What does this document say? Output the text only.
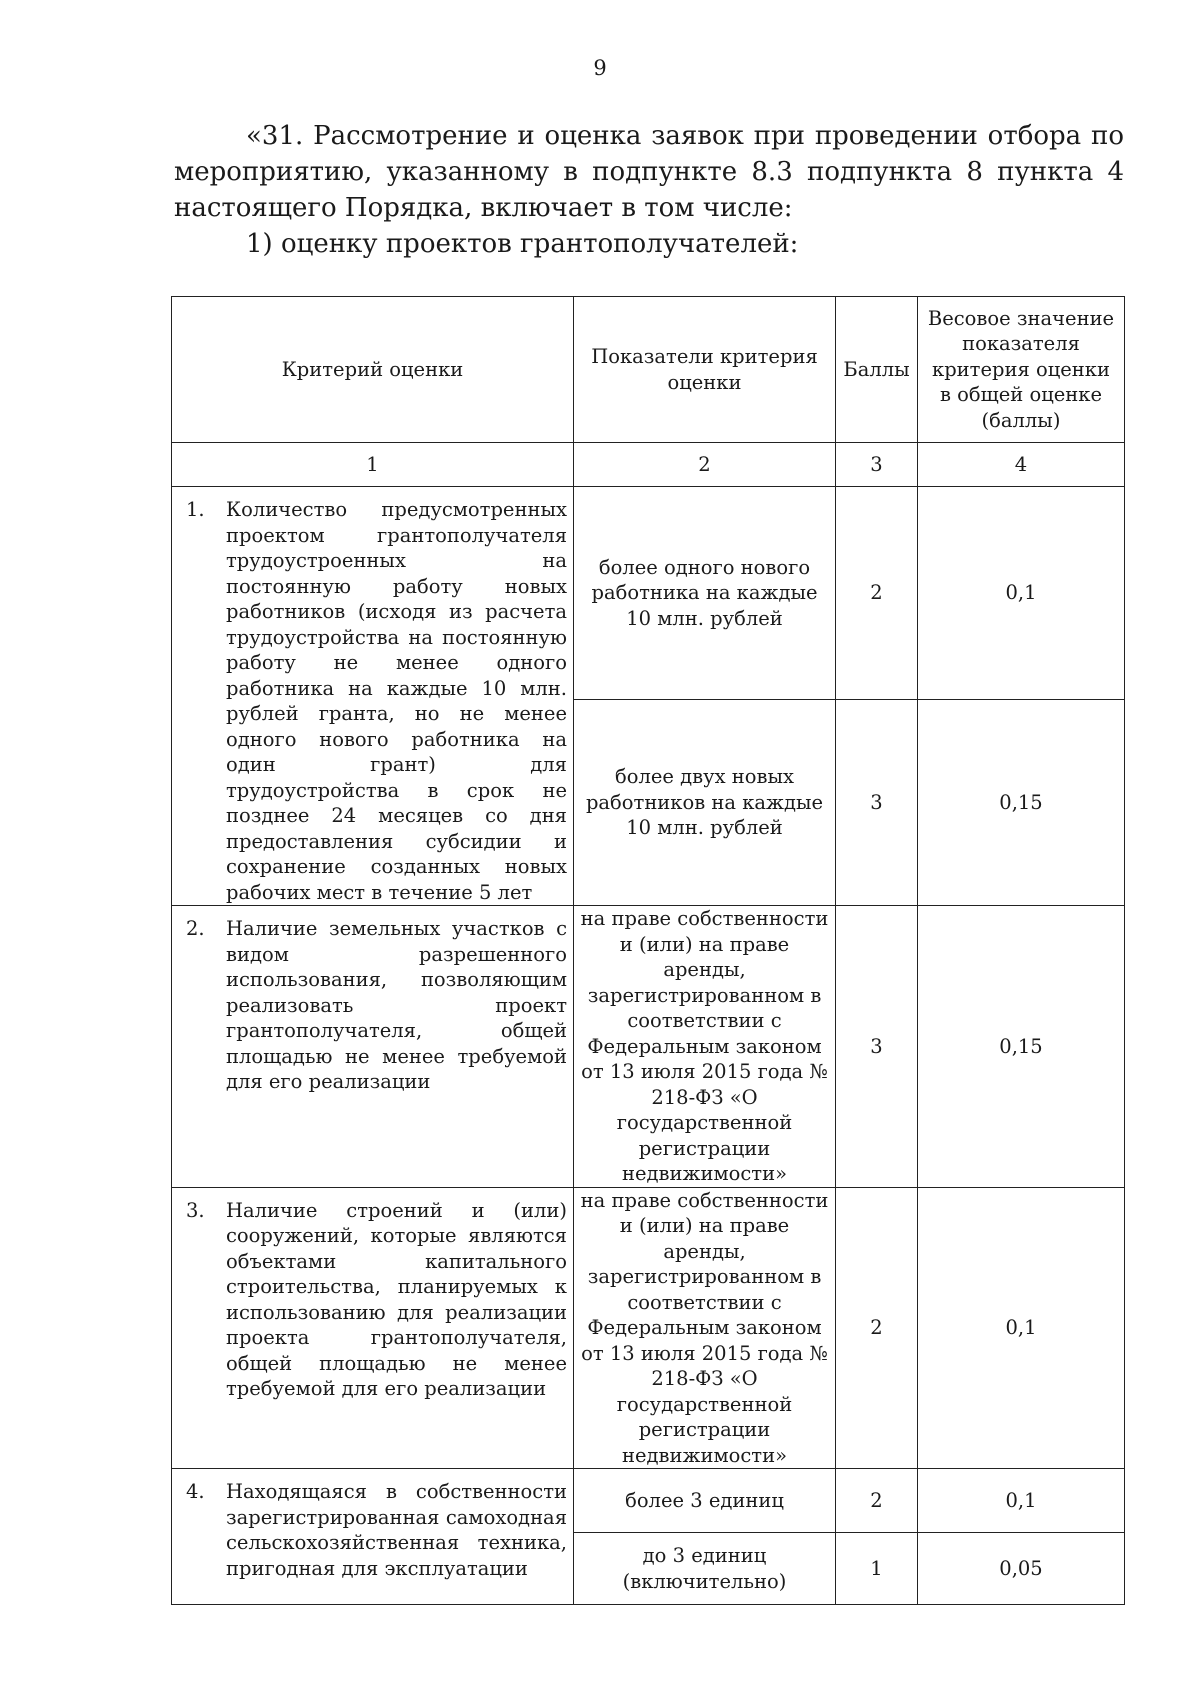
9
«31. Рассмотрение и оценка заявок при проведении отбора по мероприятию, указанному в подпункте 8.3 подпункта 8 пункта 4 настоящего Порядка, включает в том числе:
1) оценку проектов грантополучателей:
Критерий оценки	Показатели критерия оценки	Баллы	Весовое значение показателя критерия оценки в общей оценке (баллы)
1	2	3	4

1. Количество предусмотренных проектом грантополучателя трудоустроенных на постоянную работу новых работников (исходя из расчета трудоустройства на постоянную работу не менее одного работника на каждые 10 млн. рублей гранта, но не менее одного нового работника на один грант) для трудоустройства в срок не позднее 24 месяцев со дня предоставления субсидии и сохранение созданных новых рабочих мест в течение 5 лет	более одного нового работника на каждые 10 млн. рублей	2	0,1
	более двух новых работников на каждые 10 млн. рублей	3	0,15

2. Наличие земельных участков с видом разрешенного использования, позволяющим реализовать проект грантополучателя, общей площадью не менее требуемой для его реализации	на праве собственности и (или) на праве аренды, зарегистрированном в соответствии с Федеральным законом от 13 июля 2015 года № 218-ФЗ «О государственной регистрации недвижимости»	3	0,15

3. Наличие строений и (или) сооружений, которые являются объектами капитального строительства, планируемых к использованию для реализации проекта грантополучателя, общей площадью не менее требуемой для его реализации	на праве собственности и (или) на праве аренды, зарегистрированном в соответствии с Федеральным законом от 13 июля 2015 года № 218-ФЗ «О государственной регистрации недвижимости»	2	0,1

4. Находящаяся в собственности зарегистрированная самоходная сельскохозяйственная техника, пригодная для эксплуатации	более 3 единиц	2	0,1
	до 3 единиц (включительно)	1	0,05
